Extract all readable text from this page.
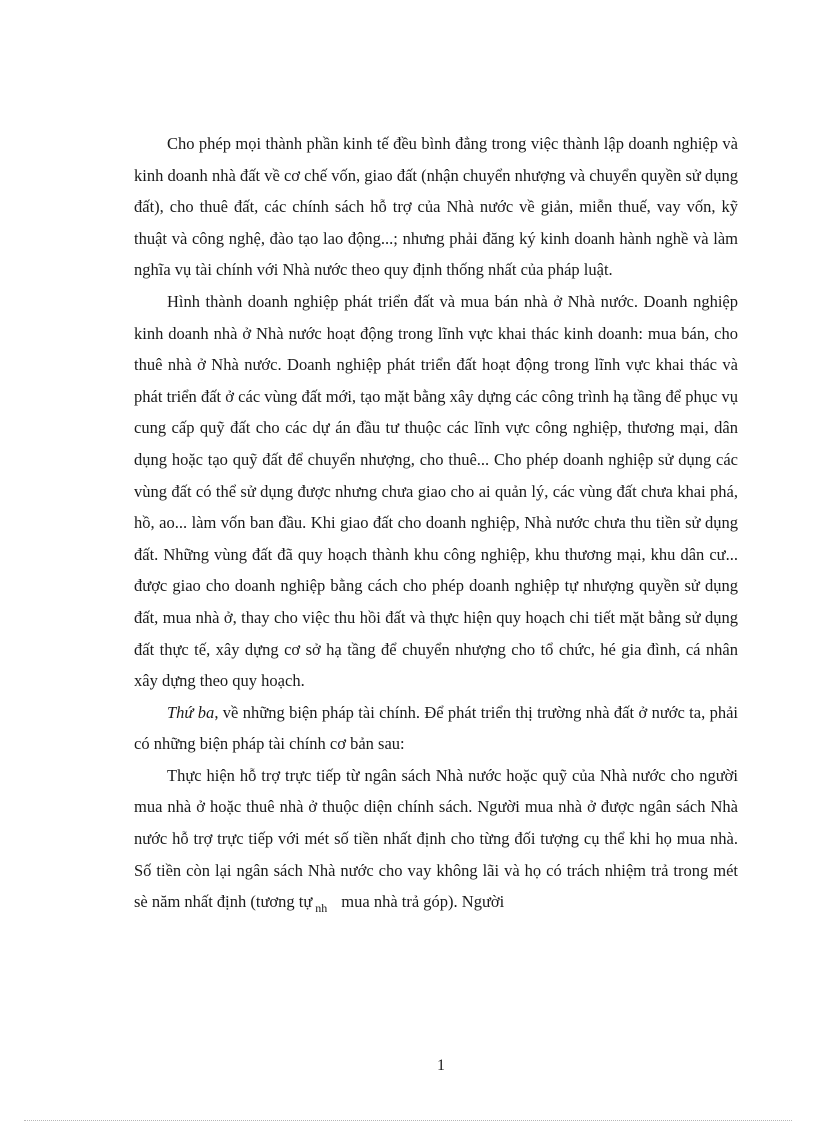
Cho phép mọi thành phần kinh tế đều bình đẳng trong việc thành lập doanh nghiệp và kinh doanh nhà đất về cơ chế vốn, giao đất (nhận chuyển nhượng và chuyển quyền sử dụng đất), cho thuê đất, các chính sách hỗ trợ của Nhà nước về giản, miễn thuế, vay vốn, kỹ thuật và công nghệ, đào tạo lao động...; nhưng phải đăng ký kinh doanh hành nghề và làm nghĩa vụ tài chính với Nhà nước theo quy định thống nhất của pháp luật.

Hình thành doanh nghiệp phát triển đất và mua bán nhà ở Nhà nước. Doanh nghiệp kinh doanh nhà ở Nhà nước hoạt động trong lĩnh vực khai thác kinh doanh: mua bán, cho thuê nhà ở Nhà nước. Doanh nghiệp phát triển đất hoạt động trong lĩnh vực khai thác và phát triển đất ở các vùng đất mới, tạo mặt bằng xây dựng các công trình hạ tầng để phục vụ cung cấp quỹ đất cho các dự án đầu tư thuộc các lĩnh vực công nghiệp, thương mại, dân dụng hoặc tạo quỹ đất để chuyển nhượng, cho thuê... Cho phép doanh nghiệp sử dụng các vùng đất có thể sử dụng được nhưng chưa giao cho ai quản lý, các vùng đất chưa khai phá, hồ, ao... làm vốn ban đầu. Khi giao đất cho doanh nghiệp, Nhà nước chưa thu tiền sử dụng đất. Những vùng đất đã quy hoạch thành khu công nghiệp, khu thương mại, khu dân cư... được giao cho doanh nghiệp bằng cách cho phép doanh nghiệp tự nhượng quyền sử dụng đất, mua nhà ở, thay cho việc thu hồi đất và thực hiện quy hoạch chi tiết mặt bằng sử dụng đất thực tế, xây dựng cơ sở hạ tầng để chuyển nhượng cho tổ chức, hé gia đình, cá nhân xây dựng theo quy hoạch.

Thứ ba, về những biện pháp tài chính. Để phát triển thị trường nhà đất ở nước ta, phải có những biện pháp tài chính cơ bản sau:

Thực hiện hỗ trợ trực tiếp từ ngân sách Nhà nước hoặc quỹ của Nhà nước cho người mua nhà ở hoặc thuê nhà ở thuộc diện chính sách. Người mua nhà ở được ngân sách Nhà nước hỗ trợ trực tiếp với mét số tiền nhất định cho từng đối tượng cụ thể khi họ mua nhà. Số tiền còn lại ngân sách Nhà nước cho vay không lãi và họ có trách nhiệm trả trong mét sè năm nhất định (tương tự $_{nh}$ mua nhà trả góp). Người

1
